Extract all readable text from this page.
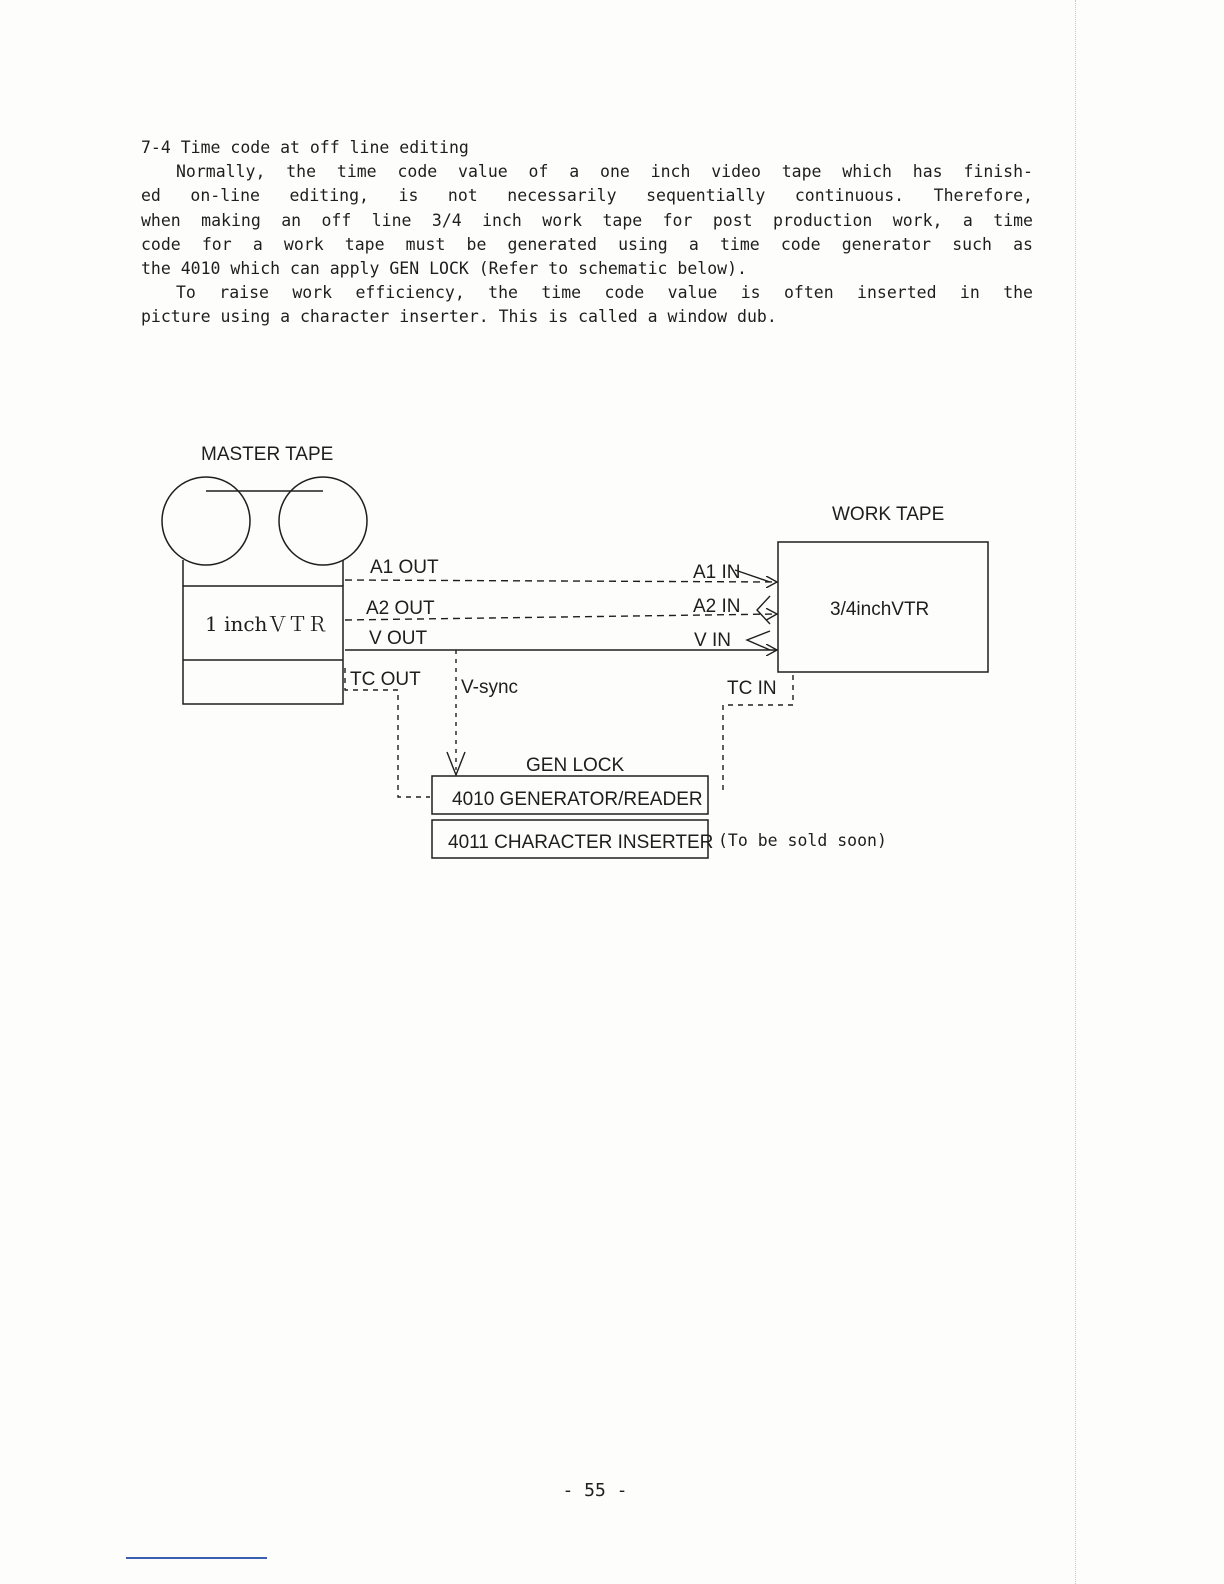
7-4 Time code at off line editing
Normally, the time code value of a one inch video tape which has finish-
ed on-line editing, is not necessarily sequentially continuous. Therefore,
when making an off line 3/4 inch work tape for post production work, a time
code for a work tape must be generated using a time code generator such as
the 4010 which can apply GEN LOCK (Refer to schematic below).
To raise work efficiency, the time code value is often inserted in the
picture using a character inserter. This is called a window dub.
MASTER TAPE
1 inchＶＴＲ
WORK TAPE
3/4inchVTR
A1 OUT
A2 OUT
V OUT
TC OUT
A1 IN
A2 IN
V IN
TC IN
V-sync
GEN LOCK
4010 GENERATOR/READER
4011 CHARACTER INSERTER (To be sold soon)
- 55 -
